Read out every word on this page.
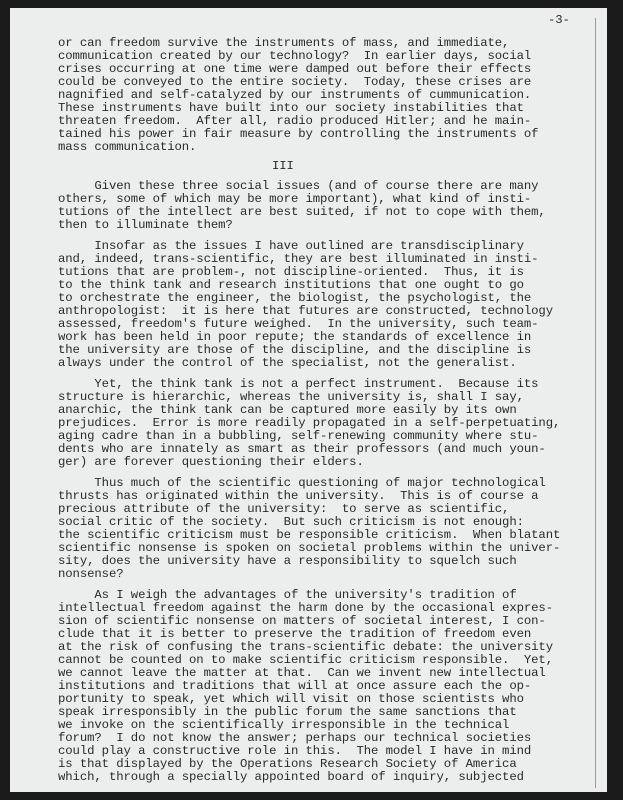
-3-
III
or can freedom survive the instruments of mass, and immediate,
communication created by our technology?  In earlier days, social
crises occurring at one time were damped out before their effects
could be conveyed to the entire society.  Today, these crises are
nagnified and self-catalyzed by our instruments of cummunication.
These instruments have built into our society instabilities that
threaten freedom.  After all, radio produced Hitler; and he main-
tained his power in fair measure by controlling the instruments of
mass communication.
Given these three social issues (and of course there are many
others, some of which may be more important), what kind of insti-
tutions of the intellect are best suited, if not to cope with them,
then to illuminate them?
Insofar as the issues I have outlined are transdisciplinary
and, indeed, trans-scientific, they are best illuminated in insti-
tutions that are problem-, not discipline-oriented.  Thus, it is
to the think tank and research institutions that one ought to go
to orchestrate the engineer, the biologist, the psychologist, the
anthropologist:  it is here that futures are constructed, technology
assessed, freedom's future weighed.  In the university, such team-
work has been held in poor repute; the standards of excellence in
the university are those of the discipline, and the discipline is
always under the control of the specialist, not the generalist.
Yet, the think tank is not a perfect instrument.  Because its
structure is hierarchic, whereas the university is, shall I say,
anarchic, the think tank can be captured more easily by its own
prejudices.  Error is more readily propagated in a self-perpetuating,
aging cadre than in a bubbling, self-renewing community where stu-
dents who are innately as smart as their professors (and much youn-
ger) are forever questioning their elders.
Thus much of the scientific questioning of major technological
thrusts has originated within the university.  This is of course a
precious attribute of the university:  to serve as scientific,
social critic of the society.  But such criticism is not enough:
the scientific criticism must be responsible criticism.  When blatant
scientific nonsense is spoken on societal problems within the univer-
sity, does the university have a responsibility to squelch such
nonsense?
As I weigh the advantages of the university's tradition of
intellectual freedom against the harm done by the occasional expres-
sion of scientific nonsense on matters of societal interest, I con-
clude that it is better to preserve the tradition of freedom even
at the risk of confusing the trans-scientific debate: the university
cannot be counted on to make scientific criticism responsible.  Yet,
we cannot leave the matter at that.  Can we invent new intellectual
institutions and traditions that will at once assure each the op-
portunity to speak, yet which will visit on those scientists who
speak irresponsibly in the public forum the same sanctions that
we invoke on the scientifically irresponsible in the technical
forum?  I do not know the answer; perhaps our technical societies
could play a constructive role in this.  The model I have in mind
is that displayed by the Operations Research Society of America
which, through a specially appointed board of inquiry, subjected
